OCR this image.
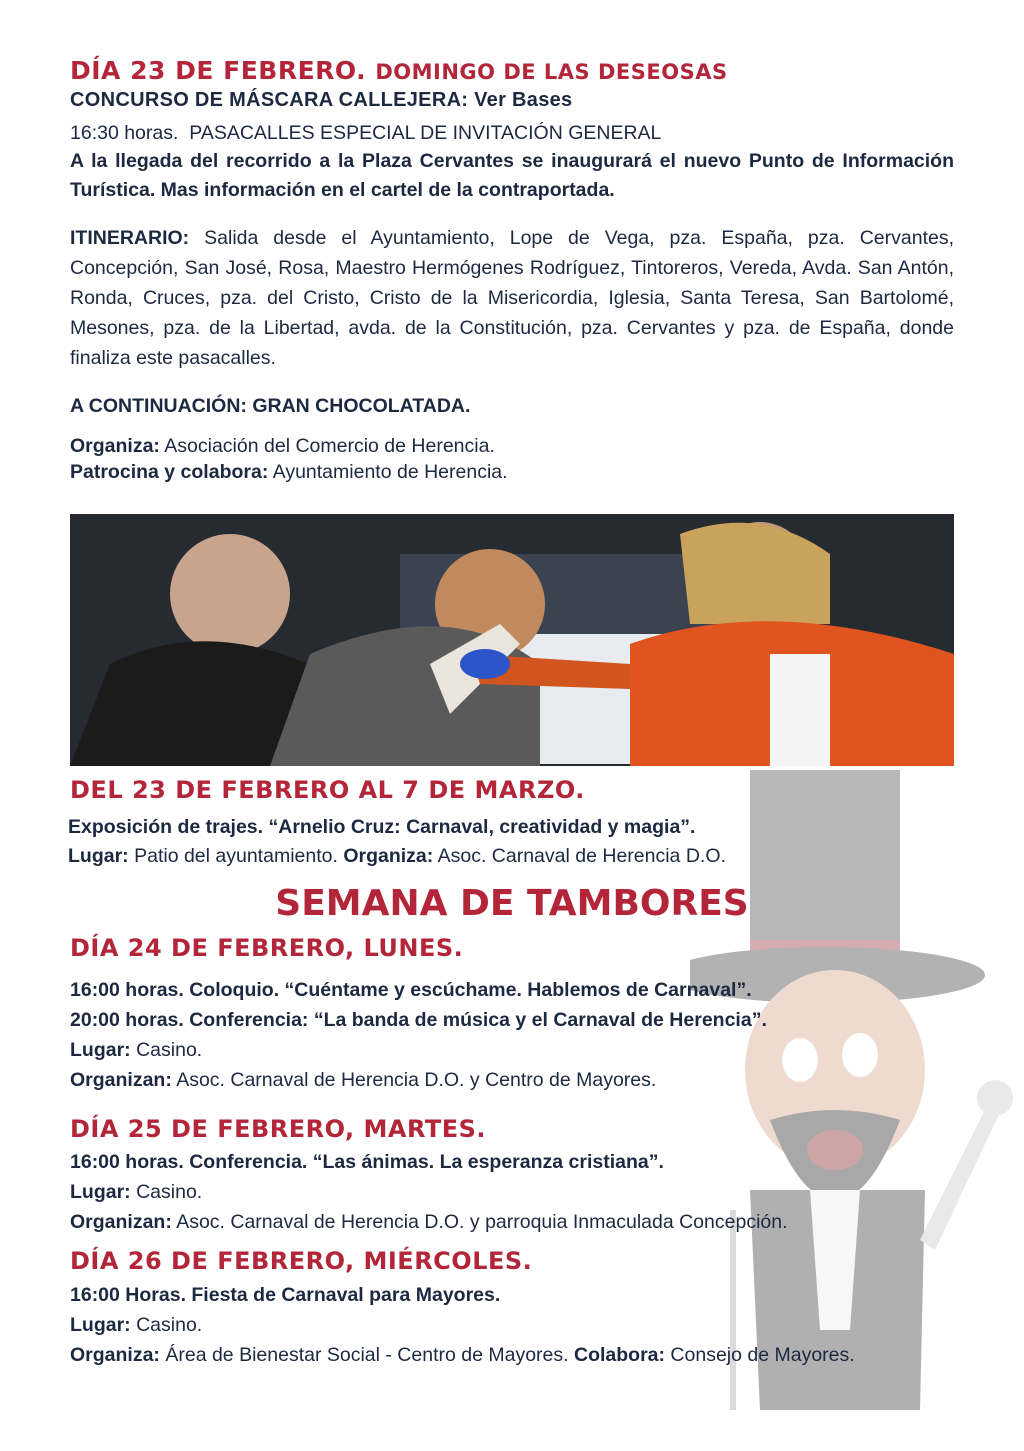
DÍA 23 DE FEBRERO. DOMINGO DE LAS DESEOSAS

CONCURSO DE MÁSCARA CALLEJERA: Ver Bases

16:30 horas. PASACALLES ESPECIAL DE INVITACIÓN GENERAL

A la llegada del recorrido a la Plaza Cervantes se inaugurará el nuevo Punto de Información Turística. Mas información en el cartel de la contraportada.

ITINERARIO: Salida desde el Ayuntamiento, Lope de Vega, pza. España, pza. Cervantes, Concepción, San José, Rosa, Maestro Hermógenes Rodríguez, Tintoreros, Vereda, Avda. San Antón, Ronda, Cruces, pza. del Cristo, Cristo de la Misericordia, Iglesia, Santa Teresa, San Bartolomé, Mesones, pza. de la Libertad, avda. de la Constitución, pza. Cervantes y pza. de España, donde finaliza este pasacalles.

A CONTINUACIÓN: GRAN CHOCOLATADA.

Organiza: Asociación del Comercio de Herencia.

Patrocina y colabora: Ayuntamiento de Herencia.

DEL 23 DE FEBRERO AL 7 DE MARZO.

Exposición de trajes. “Arnelio Cruz: Carnaval, creatividad y magia”.

Lugar: Patio del ayuntamiento. Organiza: Asoc. Carnaval de Herencia D.O.

SEMANA DE TAMBORES
DÍA 24 DE FEBRERO, LUNES.

16:00 horas. Coloquio. “Cuéntame y escúchame. Hablemos de Carnaval”.

20:00 horas. Conferencia: “La banda de música y el Carnaval de Herencia”.

Lugar: Casino.

Organizan: Asoc. Carnaval de Herencia D.O. y Centro de Mayores.

DÍA 25 DE FEBRERO, MARTES.

16:00 horas. Conferencia. “Las ánimas. La esperanza cristiana”.

Lugar: Casino.

Organizan: Asoc. Carnaval de Herencia D.O. y parroquia Inmaculada Concepción.

DÍA 26 DE FEBRERO, MIÉRCOLES.

16:00 Horas. Fiesta de Carnaval para Mayores.

Lugar: Casino.

Organiza: Área de Bienestar Social - Centro de Mayores. Colabora: Consejo de Mayores.
